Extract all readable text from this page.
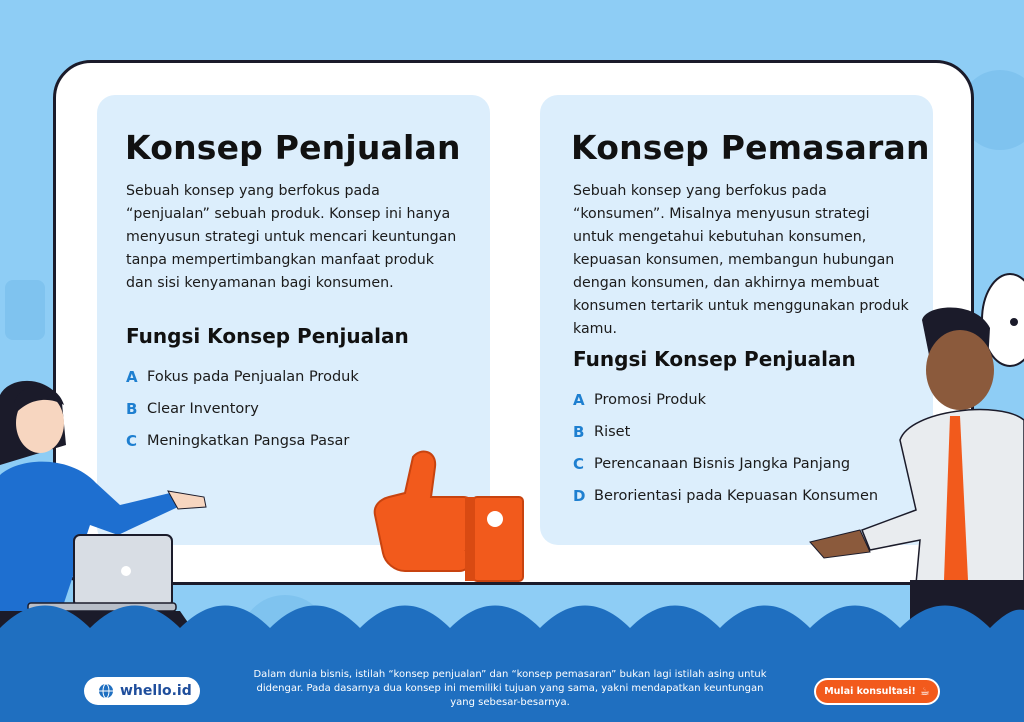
Konsep Penjualan

Sebuah konsep yang berfokus pada “penjualan” sebuah produk. Konsep ini hanya menyusun strategi untuk mencari keuntungan tanpa mempertimbangkan manfaat produk dan sisi kenyamanan bagi konsumen.

Fungsi Konsep Penjualan
A Fokus pada Penjualan Produk
B Clear Inventory
C Meningkatkan Pangsa Pasar
Konsep Pemasaran

Sebuah konsep yang berfokus pada “konsumen”. Misalnya menyusun strategi untuk mengetahui kebutuhan konsumen, kepuasan konsumen, membangun hubungan dengan konsumen, dan akhirnya membuat konsumen tertarik untuk menggunakan produk kamu.

Fungsi Konsep Penjualan
A Promosi Produk
B Riset
C Perencanaan Bisnis Jangka Panjang
D Berorientasi pada Kepuasan Konsumen
whello.id

Dalam dunia bisnis, istilah “konsep penjualan” dan “konsep pemasaran” bukan lagi istilah asing untuk didengar. Pada dasarnya dua konsep ini memiliki tujuan yang sama, yakni mendapatkan keuntungan yang sebesar-besarnya.

Mulai konsultasi! ☕
